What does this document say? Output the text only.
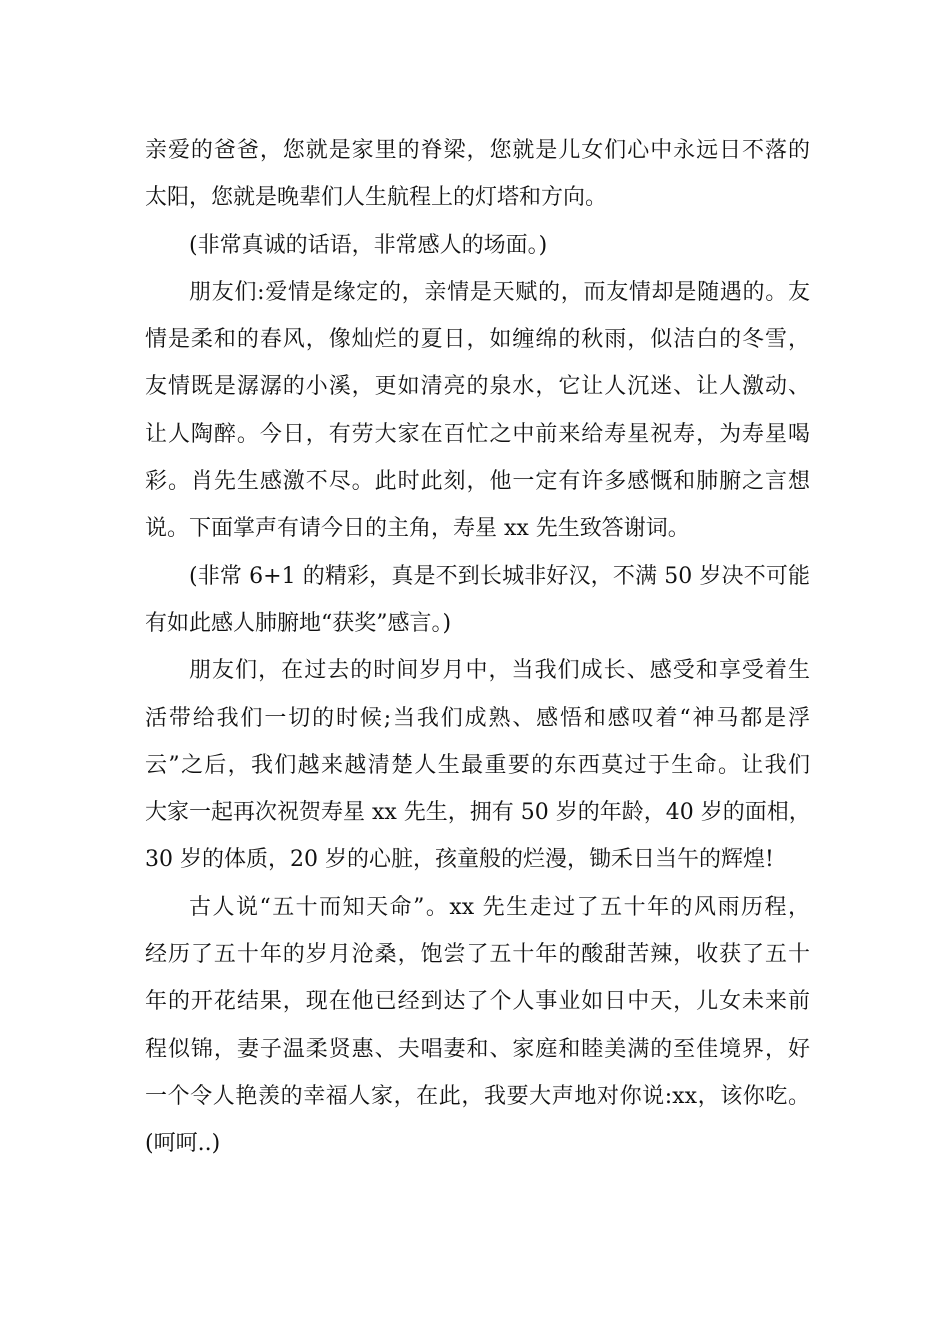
亲爱的爸爸，您就是家里的脊梁，您就是儿女们心中永远日不落的
太阳，您就是晚辈们人生航程上的灯塔和方向。

(非常真诚的话语，非常感人的场面。)

朋友们:爱情是缘定的，亲情是天赋的，而友情却是随遇的。友
情是柔和的春风，像灿烂的夏日，如缠绵的秋雨，似洁白的冬雪，
友情既是潺潺的小溪，更如清亮的泉水，它让人沉迷、让人激动、
让人陶醉。今日，有劳大家在百忙之中前来给寿星祝寿，为寿星喝
彩。肖先生感激不尽。此时此刻，他一定有许多感慨和肺腑之言想
说。下面掌声有请今日的主角，寿星 xx 先生致答谢词。

(非常 6+1 的精彩，真是不到长城非好汉，不满 50 岁决不可能
有如此感人肺腑地“获奖”感言。)

朋友们，在过去的时间岁月中，当我们成长、感受和享受着生
活带给我们一切的时候;当我们成熟、感悟和感叹着“神马都是浮
云”之后，我们越来越清楚人生最重要的东西莫过于生命。让我们
大家一起再次祝贺寿星 xx 先生，拥有 50 岁的年龄，40 岁的面相，
30 岁的体质，20 岁的心脏，孩童般的烂漫，锄禾日当午的辉煌!

古人说“五十而知天命”。xx 先生走过了五十年的风雨历程，
经历了五十年的岁月沧桑，饱尝了五十年的酸甜苦辣，收获了五十
年的开花结果，现在他已经到达了个人事业如日中天，儿女未来前
程似锦，妻子温柔贤惠、夫唱妻和、家庭和睦美满的至佳境界，好
一个令人艳羡的幸福人家，在此，我要大声地对你说:xx，该你吃。
(呵呵..)
